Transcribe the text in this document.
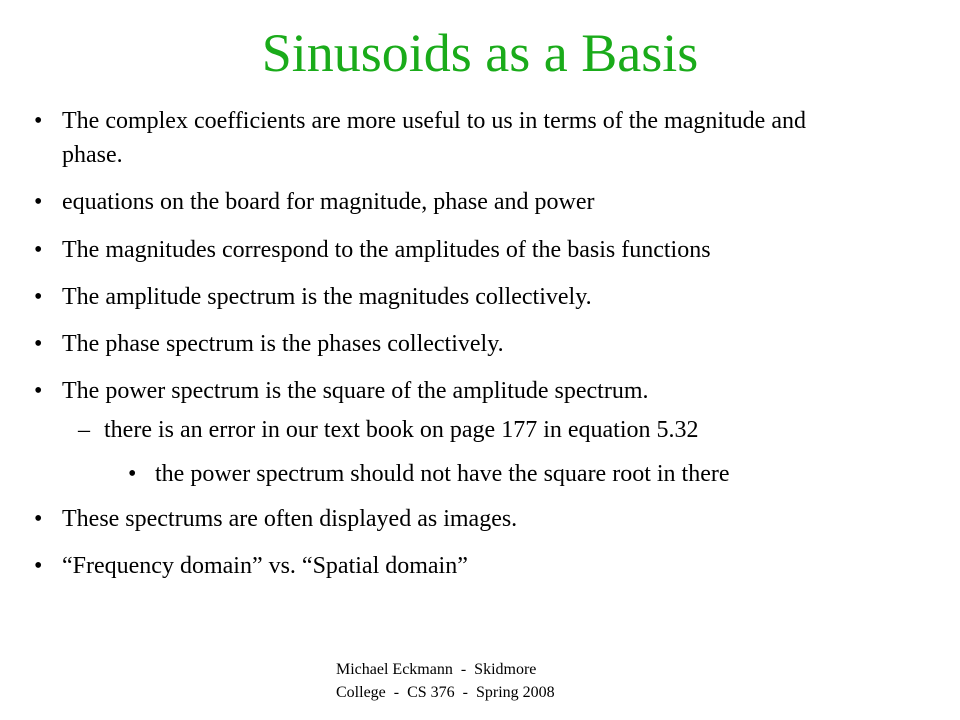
Sinusoids as a Basis
• The complex coefficients are more useful to us in terms of the magnitude and phase.
• equations on the board for magnitude, phase and power
• The magnitudes correspond to the amplitudes of the basis functions
• The amplitude spectrum is the magnitudes collectively.
• The phase spectrum is the phases collectively.
• The power spectrum is the square of the amplitude spectrum.
– there is an error in our text book on page 177 in equation 5.32
• the power spectrum should not have the square root in there
• These spectrums are often displayed as images.
• “Frequency domain” vs. “Spatial domain”
Michael Eckmann  -  Skidmore
College  -  CS 376  -  Spring 2008
